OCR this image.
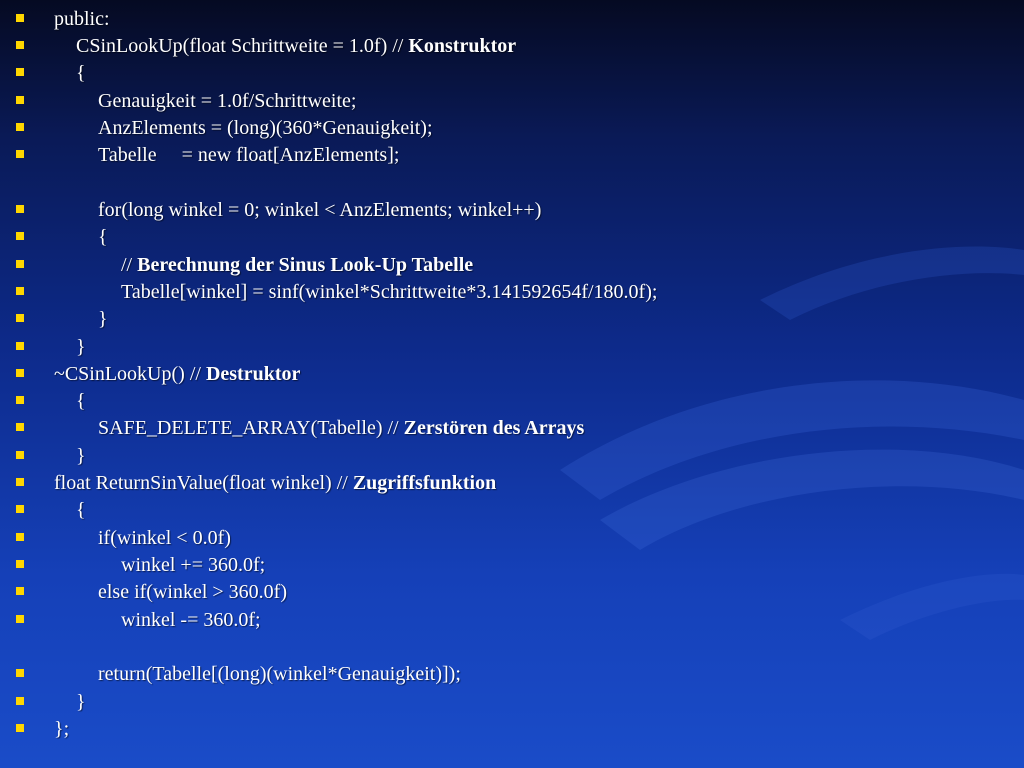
public:
CSinLookUp(float Schrittweite = 1.0f) // Konstruktor
{
Genauigkeit = 1.0f/Schrittweite;
AnzElements = (long)(360*Genauigkeit);
Tabelle     = new float[AnzElements];
for(long winkel = 0; winkel < AnzElements; winkel++)
{
// Berechnung der Sinus Look-Up Tabelle
Tabelle[winkel] = sinf(winkel*Schrittweite*3.141592654f/180.0f);
}
}
~CSinLookUp() // Destruktor
{
SAFE_DELETE_ARRAY(Tabelle) // Zerstören des Arrays
}
float ReturnSinValue(float winkel) // Zugriffsfunktion
{
if(winkel < 0.0f)
winkel += 360.0f;
else if(winkel > 360.0f)
winkel -= 360.0f;
return(Tabelle[(long)(winkel*Genauigkeit)]);
}
};
